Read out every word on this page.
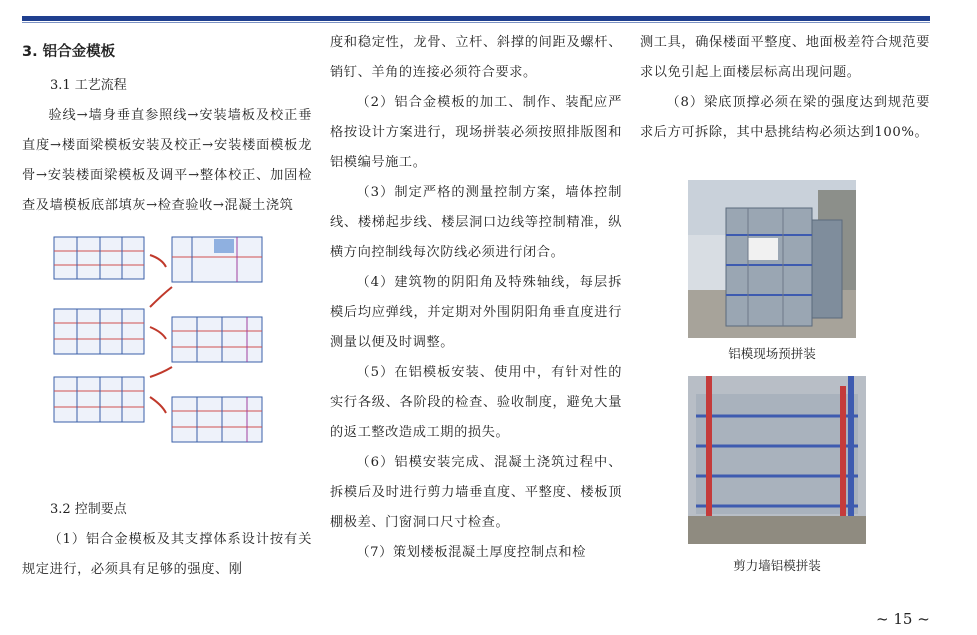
3. 铝合金模板
3.1 工艺流程

验线→墙身垂直参照线→安装墙板及校正垂直度→楼面梁模板安装及校正→安装楼面模板龙骨→安装楼面梁模板及调平→整体校正、加固检查及墙模板底部填灰→检查验收→混凝土浇筑

3.2 控制要点

（1）铝合金模板及其支撑体系设计按有关规定进行，必须具有足够的强度、刚

度和稳定性，龙骨、立杆、斜撑的间距及螺杆、销钉、羊角的连接必须符合要求。

（2）铝合金模板的加工、制作、装配应严格按设计方案进行，现场拼装必须按照排版图和铝模编号施工。

（3）制定严格的测量控制方案，墙体控制线、楼梯起步线、楼层洞口边线等控制精准，纵横方向控制线每次防线必须进行闭合。

（4）建筑物的阴阳角及特殊轴线，每层拆模后均应弹线，并定期对外围阴阳角垂直度进行测量以便及时调整。

（5）在铝模板安装、使用中，有针对性的实行各级、各阶段的检查、验收制度，避免大量的返工整改造成工期的损失。

（6）铝模安装完成、混凝土浇筑过程中、拆模后及时进行剪力墙垂直度、平整度、楼板顶棚极差、门窗洞口尺寸检查。

（7）策划楼板混凝土厚度控制点和检

测工具，确保楼面平整度、地面极差符合规范要求以免引起上面楼层标高出现问题。

（8）梁底顶撑必须在梁的强度达到规范要求后方可拆除，其中悬挑结构必须达到100%。

铝模现场预拼装
剪力墙铝模拼装
~ 15 ~
